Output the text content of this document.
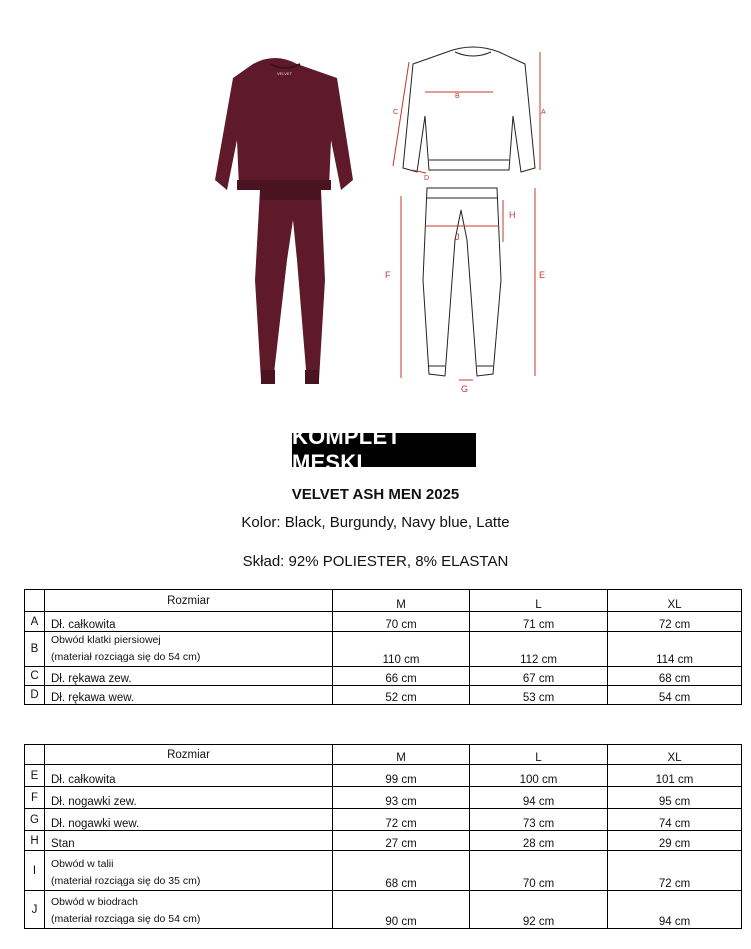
VELVET
A
B
C
D
E
F
G
H
J
KOMPLET MĘSKI
VELVET ASH MEN 2025
Kolor: Black, Burgundy, Navy blue, Latte
Skład: 92% POLIESTER, 8% ELASTAN
	Rozmiar	M	L	XL
A	Dł. całkowita	70 cm	71 cm	72 cm
B	Obwód klatki piersiowej
(materiał rozciąga się do 54 cm)	110 cm	112 cm	114 cm
C	Dł. rękawa zew.	66 cm	67 cm	68 cm
D	Dł. rękawa wew.	52 cm	53 cm	54 cm
	Rozmiar	M	L	XL
E	Dł. całkowita	99 cm	100 cm	101 cm
F	Dł. nogawki zew.	93 cm	94 cm	95 cm
G	Dł. nogawki wew.	72 cm	73 cm	74 cm
H	Stan	27 cm	28 cm	29 cm
I	Obwód w talii
(materiał rozciąga się do 35 cm)	68 cm	70 cm	72 cm
J	Obwód w biodrach
(materiał rozciąga się do 54 cm)	90 cm	92 cm	94 cm
